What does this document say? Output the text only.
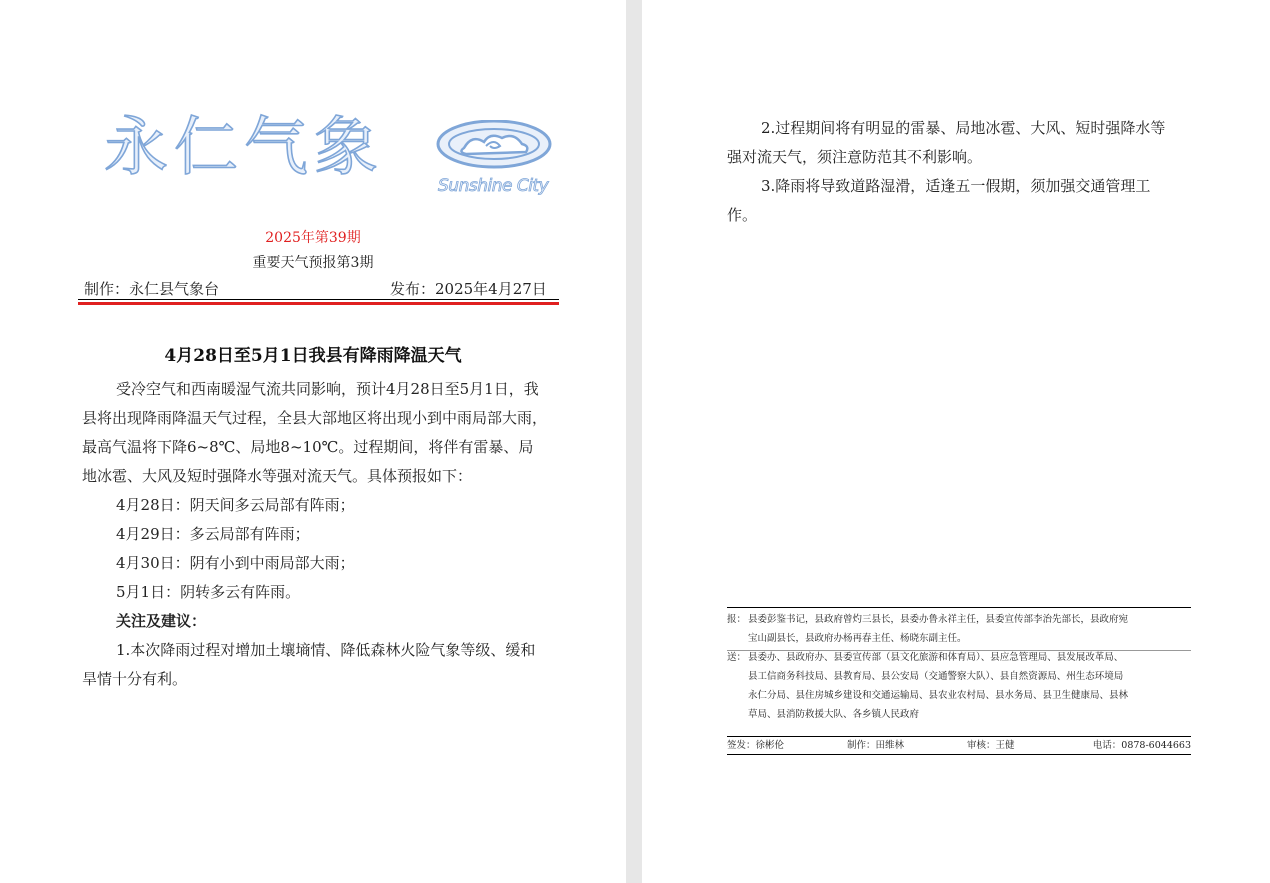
永仁气象
Sunshine City
2025年第39期
重要天气预报第3期
制作：永仁县气象台	发布：2025年4月27日
4月28日至5月1日我县有降雨降温天气

受冷空气和西南暖湿气流共同影响，预计4月28日至5月1日，我县将出现降雨降温天气过程，全县大部地区将出现小到中雨局部大雨，最高气温将下降6~8℃、局地8~10℃。过程期间，将伴有雷暴、局地冰雹、大风及短时强降水等强对流天气。具体预报如下：

4月28日：阴天间多云局部有阵雨；

4月29日：多云局部有阵雨；

4月30日：阴有小到中雨局部大雨；

5月1日：阴转多云有阵雨。

关注及建议：

1.本次降雨过程对增加土壤墒情、降低森林火险气象等级、缓和旱情十分有利。

2.过程期间将有明显的雷暴、局地冰雹、大风、短时强降水等强对流天气，须注意防范其不利影响。

3.降雨将导致道路湿滑，适逢五一假期，须加强交通管理工作。

报： 县委彭鉴书记，县政府曾灼三县长，县委办鲁永祥主任，县委宣传部李治先部长，县政府宛
宝山副县长，县政府办杨再春主任、杨晓东副主任。
送： 县委办、县政府办、县委宣传部（县文化旅游和体育局）、县应急管理局、县发展改革局、
县工信商务科技局、县教育局、县公安局（交通警察大队）、县自然资源局、州生态环境局
永仁分局、县住房城乡建设和交通运输局、县农业农村局、县水务局、县卫生健康局、县林
草局、县消防救援大队、各乡镇人民政府
签发：徐彬伦	制作：田维林	审核：王健	电话：0878-6044663
